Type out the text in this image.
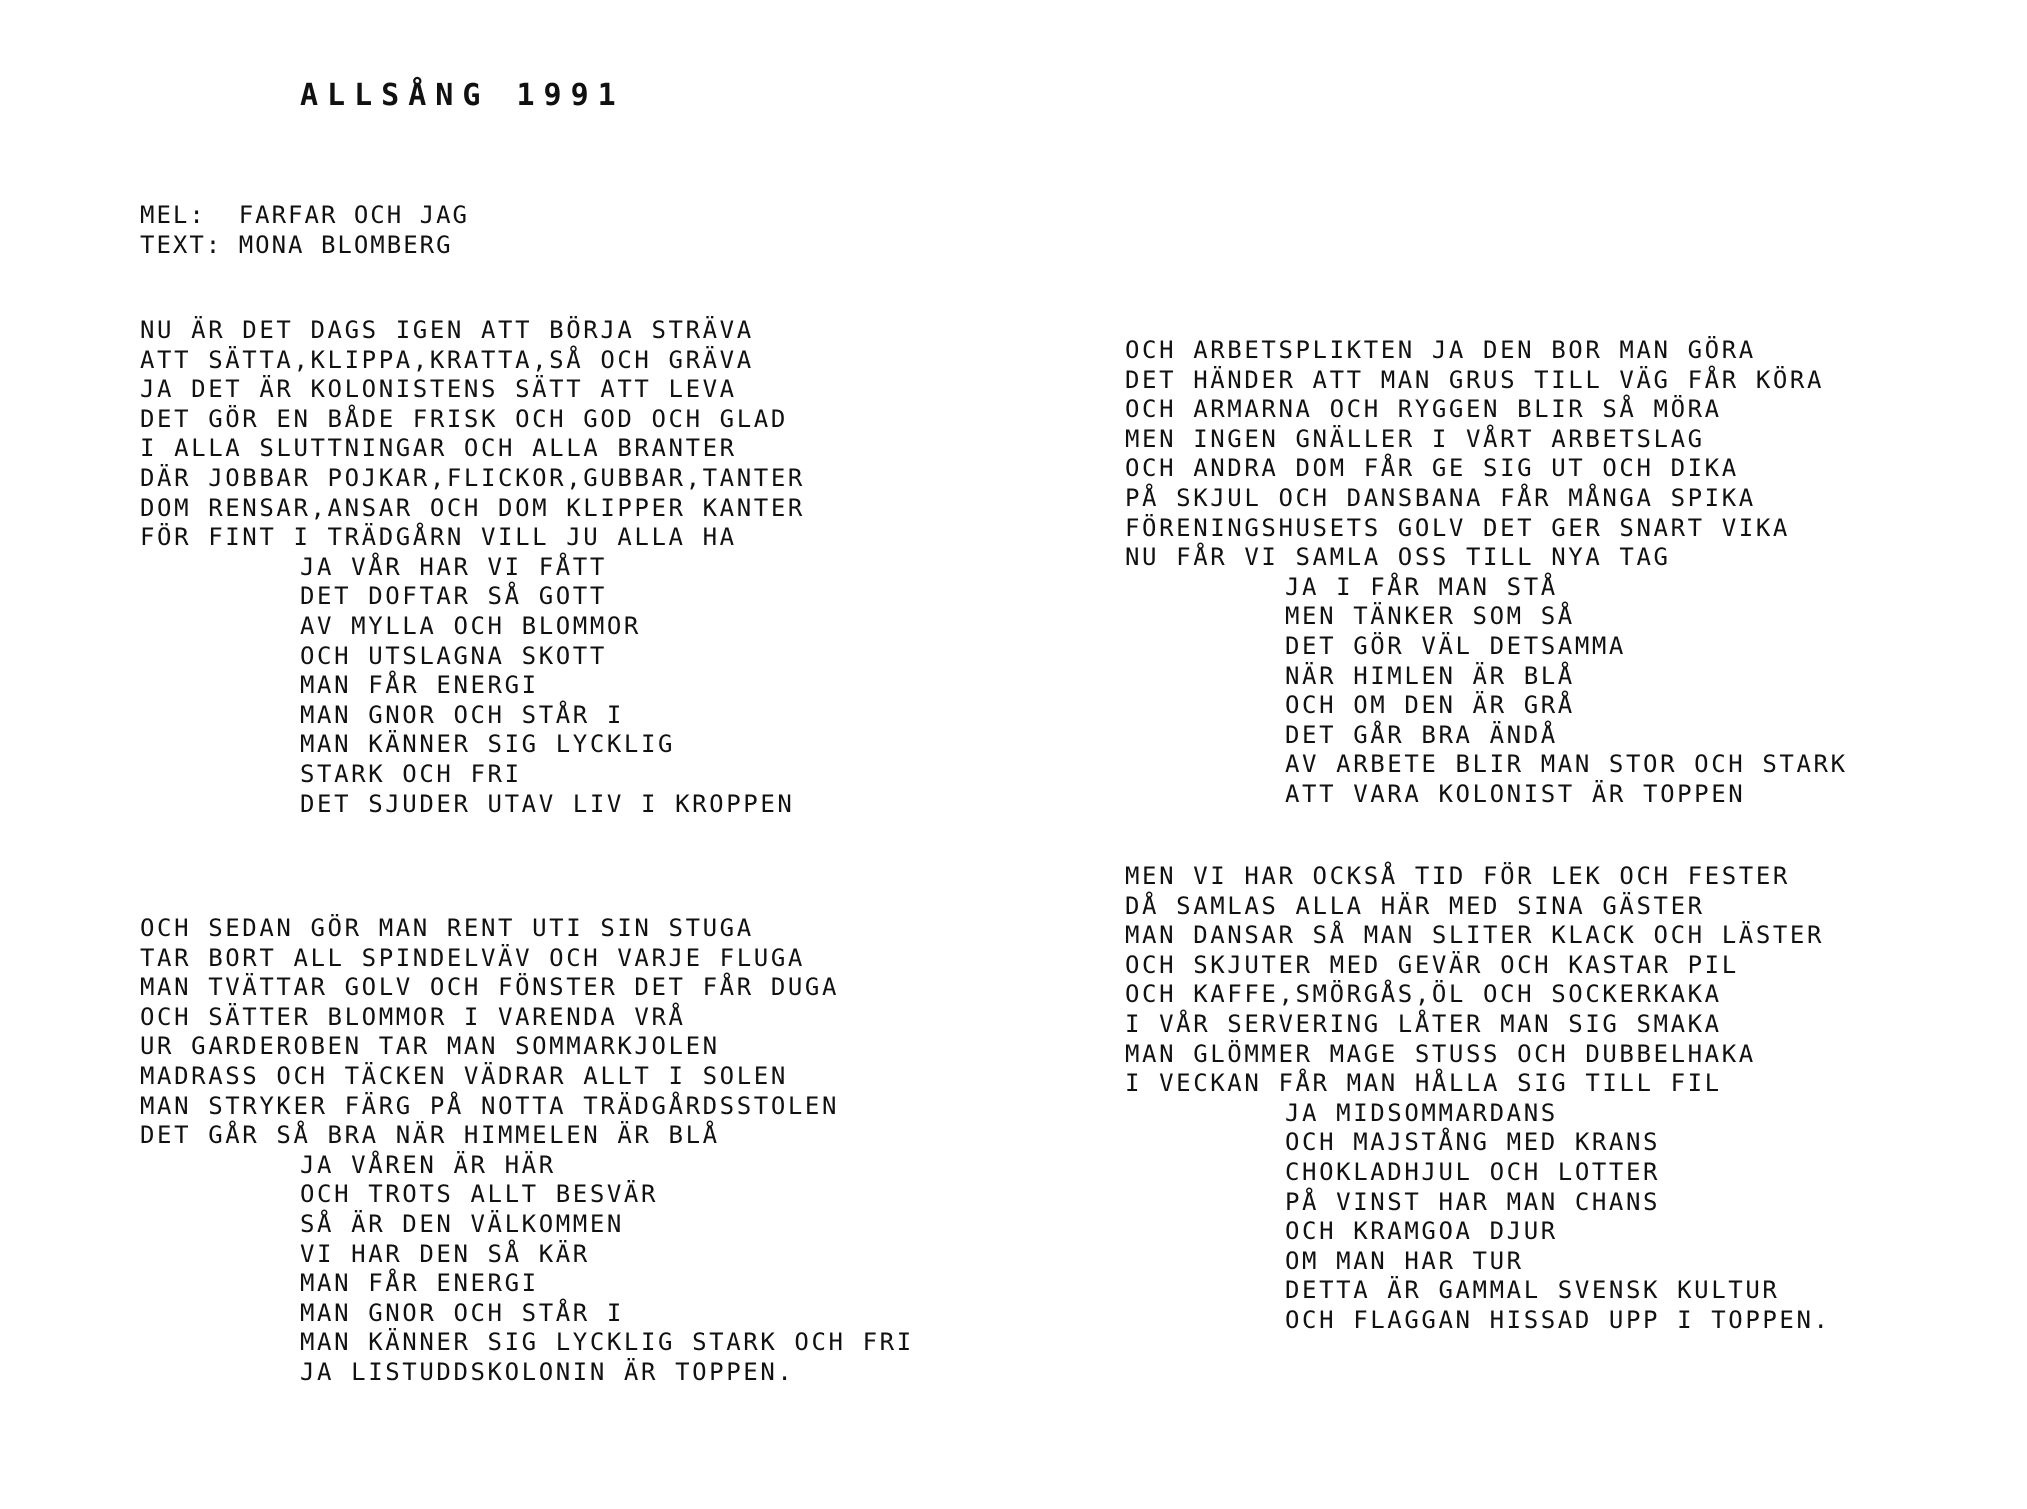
ALLSÅNG 1991
MEL:  FARFAR OCH JAG
TEXT: MONA BLOMBERG
NU ÄR DET DAGS IGEN ATT BÖRJA STRÄVA
ATT SÄTTA,KLIPPA,KRATTA,SÅ OCH GRÄVA
JA DET ÄR KOLONISTENS SÄTT ATT LEVA
DET GÖR EN BÅDE FRISK OCH GOD OCH GLAD
I ALLA SLUTTNINGAR OCH ALLA BRANTER
DÄR JOBBAR POJKAR,FLICKOR,GUBBAR,TANTER
DOM RENSAR,ANSAR OCH DOM KLIPPER KANTER
FÖR FINT I TRÄDGÅRN VILL JU ALLA HA
JA VÅR HAR VI FÅTT
DET DOFTAR SÅ GOTT
AV MYLLA OCH BLOMMOR
OCH UTSLAGNA SKOTT
MAN FÅR ENERGI
MAN GNOR OCH STÅR I
MAN KÄNNER SIG LYCKLIG
STARK OCH FRI
DET SJUDER UTAV LIV I KROPPEN
OCH SEDAN GÖR MAN RENT UTI SIN STUGA
TAR BORT ALL SPINDELVÄV OCH VARJE FLUGA
MAN TVÄTTAR GOLV OCH FÖNSTER DET FÅR DUGA
OCH SÄTTER BLOMMOR I VARENDA VRÅ
UR GARDEROBEN TAR MAN SOMMARKJOLEN
MADRASS OCH TÄCKEN VÄDRAR ALLT I SOLEN
MAN STRYKER FÄRG PÅ NOTTA TRÄDGÅRDSSTOLEN
DET GÅR SÅ BRA NÄR HIMMELEN ÄR BLÅ
JA VÅREN ÄR HÄR
OCH TROTS ALLT BESVÄR
SÅ ÄR DEN VÄLKOMMEN
VI HAR DEN SÅ KÄR
MAN FÅR ENERGI
MAN GNOR OCH STÅR I
MAN KÄNNER SIG LYCKLIG STARK OCH FRI
JA LISTUDDSKOLONIN ÄR TOPPEN.
OCH ARBETSPLIKTEN JA DEN BOR MAN GÖRA
DET HÄNDER ATT MAN GRUS TILL VÄG FÅR KÖRA
OCH ARMARNA OCH RYGGEN BLIR SÅ MÖRA
MEN INGEN GNÄLLER I VÅRT ARBETSLAG
OCH ANDRA DOM FÅR GE SIG UT OCH DIKA
PÅ SKJUL OCH DANSBANA FÅR MÅNGA SPIKA
FÖRENINGSHUSETS GOLV DET GER SNART VIKA
NU FÅR VI SAMLA OSS TILL NYA TAG
JA I FÅR MAN STÅ
MEN TÄNKER SOM SÅ
DET GÖR VÄL DETSAMMA
NÄR HIMLEN ÄR BLÅ
OCH OM DEN ÄR GRÅ
DET GÅR BRA ÄNDÅ
AV ARBETE BLIR MAN STOR OCH STARK
ATT VARA KOLONIST ÄR TOPPEN
MEN VI HAR OCKSÅ TID FÖR LEK OCH FESTER
DÅ SAMLAS ALLA HÄR MED SINA GÄSTER
MAN DANSAR SÅ MAN SLITER KLACK OCH LÄSTER
OCH SKJUTER MED GEVÄR OCH KASTAR PIL
OCH KAFFE,SMÖRGÅS,ÖL OCH SOCKERKAKA
I VÅR SERVERING LÅTER MAN SIG SMAKA
MAN GLÖMMER MAGE STUSS OCH DUBBELHAKA
I VECKAN FÅR MAN HÅLLA SIG TILL FIL
JA MIDSOMMARDANS
OCH MAJSTÅNG MED KRANS
CHOKLADHJUL OCH LOTTER
PÅ VINST HAR MAN CHANS
OCH KRAMGOA DJUR
OM MAN HAR TUR
DETTA ÄR GAMMAL SVENSK KULTUR
OCH FLAGGAN HISSAD UPP I TOPPEN.
